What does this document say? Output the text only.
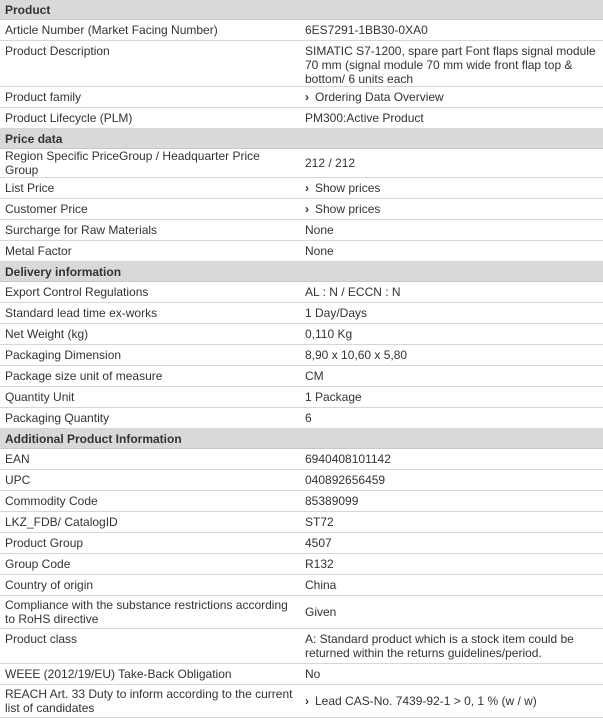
Product	
Article Number (Market Facing Number)	6ES7291-1BB30-0XA0
Product Description	SIMATIC S7-1200, spare part Font flaps signal module 70 mm (signal module 70 mm wide front flap top & bottom/ 6 units each
Product family	› Ordering Data Overview
Product Lifecycle (PLM)	PM300:Active Product
Price data	
Region Specific PriceGroup / Headquarter Price Group	212 / 212
List Price	› Show prices
Customer Price	› Show prices
Surcharge for Raw Materials	None
Metal Factor	None
Delivery information	
Export Control Regulations	AL : N / ECCN : N
Standard lead time ex-works	1 Day/Days
Net Weight (kg)	0,110 Kg
Packaging Dimension	8,90 x 10,60 x 5,80
Package size unit of measure	CM
Quantity Unit	1 Package
Packaging Quantity	6
Additional Product Information	
EAN	6940408101142
UPC	040892656459
Commodity Code	85389099
LKZ_FDB/ CatalogID	ST72
Product Group	4507
Group Code	R132
Country of origin	China
Compliance with the substance restrictions according to RoHS directive	Given
Product class	A: Standard product which is a stock item could be returned within the returns guidelines/period.
WEEE (2012/19/EU) Take-Back Obligation	No
REACH Art. 33 Duty to inform according to the current list of candidates	› Lead CAS-No. 7439-92-1 > 0, 1 % (w / w)
